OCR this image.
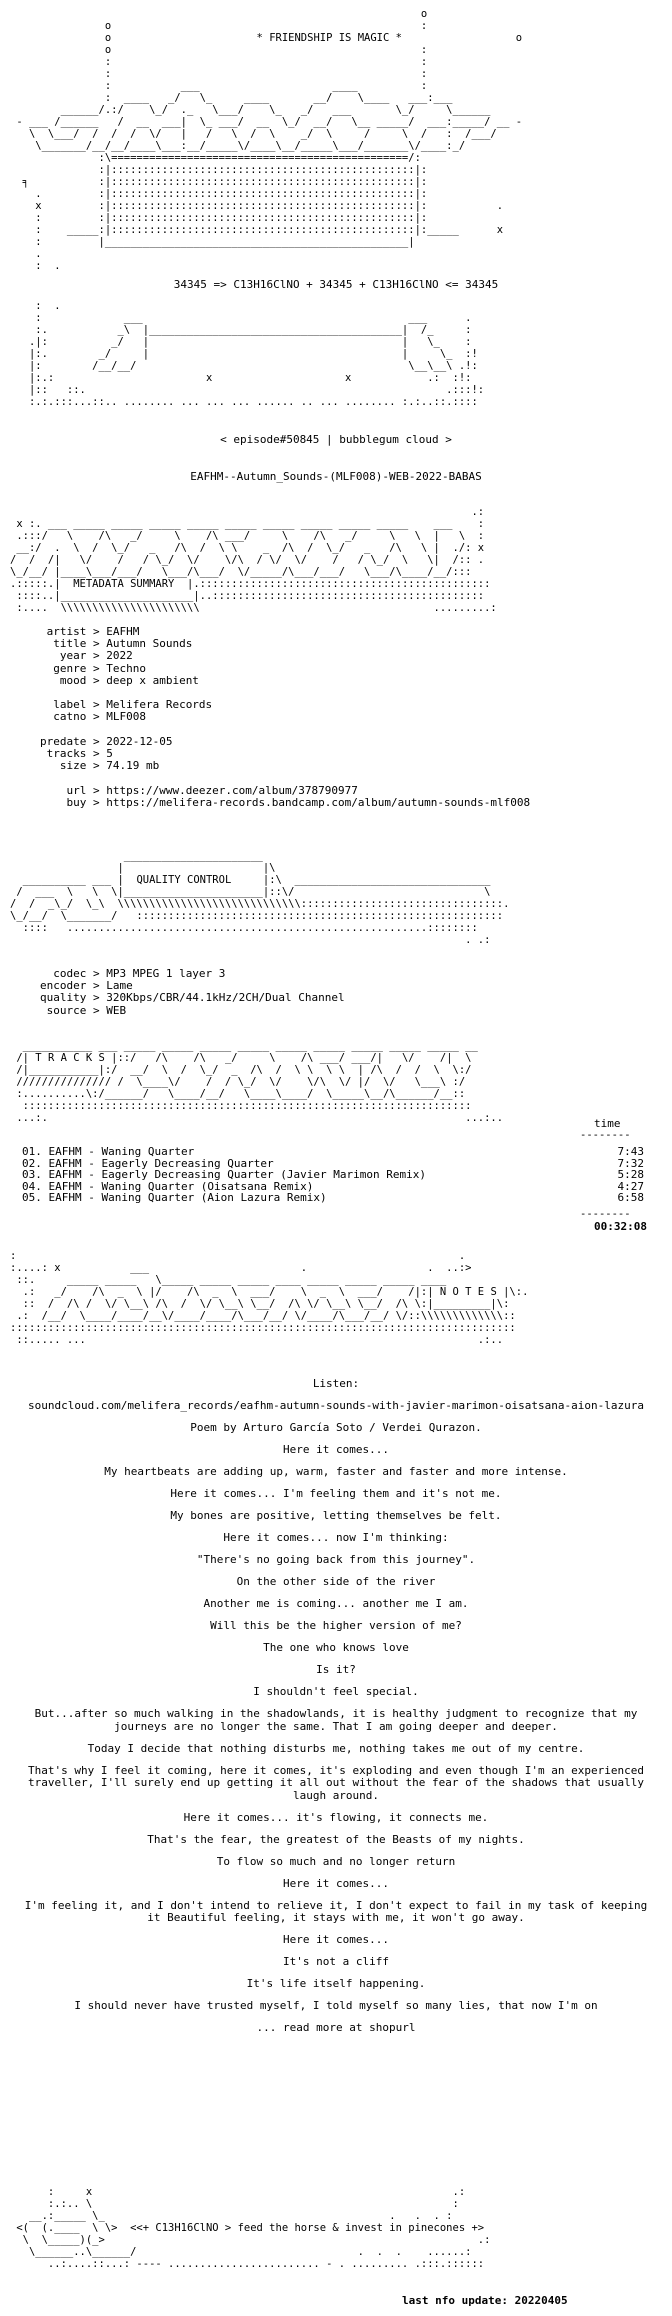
o
o                                                 :
o	* FRIENDSHIP IS MAGIC *	o
o                                                 :
:                                                 :
:                                                 :
:           ___                     ____          :
:  ____   _/   \_     ____       __/    \____   ___:___
______/.:/    \_/  ._   \___/    \_   _/   ___       \_/     \______
- ___ /______   /  __  ___|  \_ ___/  __  \_/  __/   \__ _____/  ___:_____/ __ -
\  \___/  /  /  /  \/   |   /   \  /  \    _/  \     /     \  /   :  /___/
\_______/__/__/____\___:__/_____\/____\__/_____\___/_______\/____:_/
:\===============================================/:
:|::::::::::::::::::::::::::::::::::::::::::::::::|:
╕           :|::::::::::::::::::::::::::::::::::::::::::::::::|:
.         :|::::::::::::::::::::::::::::::::::::::::::::::::|:
x         :|::::::::::::::::::::::::::::::::::::::::::::::::|:           .
:         :|::::::::::::::::::::::::::::::::::::::::::::::::|:
:    _____:|::::::::::::::::::::::::::::::::::::::::::::::::|:_____      x
:         |________________________________________________|
.
:  .
34345 => C13H16ClNO + 34345 + C13H16ClNO <= 34345
:  .
:             ___                                          ___      .
:.           _\  |________________________________________|  /_     :
.|:          _/   |                                        |   \_    :
|:.        _/     |                                        |     \_  :!
|:        /__/__/                                           \__\__\ .!:
|:.:                        x                     x            .:  :!:
|::   ::.                                                         .:::!:
:.:.:::...::.. ........ ... ... ... ...... .. ... ........ :.:..::.::::
< episode#50845 | bubblegum cloud >
EAFHM--Autumn_Sounds-(MLF008)-WEB-2022-BABAS
.:
x :. ___ _____ _____ _____ _____ _____ _____ _____ _____ _____    ___    :
.:::/   \    /\   _/     \    /\ ___/     \    /\   _/     \   \  |   \  :
__:/  .  \  /  \_/   _   /\  /  \ \    _  /\  /  \_/   _   /\   \ |  ./: x
/  /  /|   \/    /   / \_/  \/    \/\  / \/  \/    /   / \_/  \   \|  /:: .
\_/__/ |____\___/___/   \___/\___/  \/_____/\___/___/   \___/\____/__/:::
.:::::.|  METADATA SUMMARY  |.::::::::::::::::::::::::::::::::::::::::::::::
::::..|_____________________|..:::::::::::::::::::::::::::::::::::::::::::
:....  \\\\\\\\\\\\\\\\\\\\\\                                     .........:
artist > EAFHM
title > Autumn Sounds
year > 2022
genre > Techno
mood > deep x ambient

label > Melifera Records
catno > MLF008

predate > 2022-12-05
tracks > 5
size > 74.19 mb

url > https://www.deezer.com/album/378790977
buy > https://melifera-records.bandcamp.com/album/autumn-sounds-mlf008
______________________
|                      |\
__________ ___ |  QUALITY CONTROL	|:\  _______________________________
/  ___  \   \  \|______________________|::\/                              \
/  /  _\_/  \_\  \\\\\\\\\\\\\\\\\\\\\\\\\\\\\::::::::::::::::::::::::::::::::.
\_/__/  \_______/   ::::::::::::::::::::::::::::::::::::::::::::::::::::::::::
::::   .........................................................::::::::
. .:
codec > MP3 MPEG 1 layer 3
encoder > Lame
quality > 320Kbps/CBR/44.1kHz/2CH/Dual Channel
source > WEB
___________ ___ _____ _____ _____ _____ _____ _____ _____ _____ _____ __
/| T R A C K S |::/   /\    /\   _/     \    /\ ___/ ___/|   \/    /|  \
/|___________|:/  __/  \  /  \_/  _  /\  /  \ \  \ \  | /\  /  /  \  \:/
/////////////// /  \____\/    /  / \_/  \/    \/\  \/ |/  \/   \___\ :/
:..........\:/______/   \____/__/   \____\____/  \_____\__/\______/__::
:::::::::::::::::::::::::::::::::::::::::::::::::::::::::::::::::::::::
...:.                                                                  ...:..	time
--------
01. EAFHM - Waning Quarter	7:43
02. EAFHM - Eagerly Decreasing Quarter	7:32
03. EAFHM - Eagerly Decreasing Quarter (Javier Marimon Remix)	5:28
04. EAFHM - Waning Quarter (Oisatsana Remix)	4:27
05. EAFHM - Waning Quarter (Aion Lazura Remix)	6:58
--------
00:32:08
:                                                                      .
:....: x           ___                        .                   .  ..:>
::.     _____ _____   \_____ _____ _____ ____ _____ _____ _____ ____
.:   _/    /\  _  \ |/    /\  _  \  ___/    \  _  \  ___/    /|:| N O T E S |\:.
::  /  /\ /  \/ \__\ /\  /  \/ \__\ \__/  /\ \/ \__\ \__/  /\ \:|_________|\:
.:  /__/  \____/____/__\/____/____/\___/__/ \/____/\___/__/ \/::\\\\\\\\\\\\\::
::::::::::::::::::::::::::::::::::::::::::::::::::::::::::::::::::::::::::::::::
::..... ...                                                              .:..

Listen:

soundcloud.com/melifera_records/eafhm-autumn-sounds-with-javier-marimon-oisatsana-aion-lazura

Poem by Arturo García Soto / Verdei Qurazon.

Here it comes...

My heartbeats are adding up, warm, faster and faster and more intense.

Here it comes... I'm feeling them and it's not me.

My bones are positive, letting themselves be felt.

Here it comes... now I'm thinking:

"There's no going back from this journey".

On the other side of the river

Another me is coming... another me I am.

Will this be the higher version of me?

The one who knows love

Is it?

I shouldn't feel special.

But...after so much walking in the shadowlands, it is healthy judgment to recognize that my journeys are no longer the same. That I am going deeper and deeper.

Today I decide that nothing disturbs me, nothing takes me out of my centre.

That's why I feel it coming, here it comes, it's exploding and even though I'm an experienced traveller, I'll surely end up getting it all out without the fear of the shadows that usually laugh around.

Here it comes... it's flowing, it connects me.

That's the fear, the greatest of the Beasts of my nights.

To flow so much and no longer return

Here it comes...

I'm feeling it, and I don't intend to relieve it, I don't expect to fail in my task of keeping it Beautiful feeling, it stays with me, it won't go away.

Here it comes...

It's not a cliff

It's life itself happening.

I should never have trusted myself, I told myself so many lies, that now I'm on

... read more at shopurl

:     x                                                         .:
:.:.. \                                                         :
__.:_____ \_                                             .   .  . :
<(  (.____  \ \>  <<+ C13H16ClNO > feed the horse & invest in pinecones +>
\  \_____)(_>                                                           .:
\______..\______/                                   .  .  .    ......:
..:....::...: ---- ........................ - . ......... .:::.::::::
last nfo update: 20220405
